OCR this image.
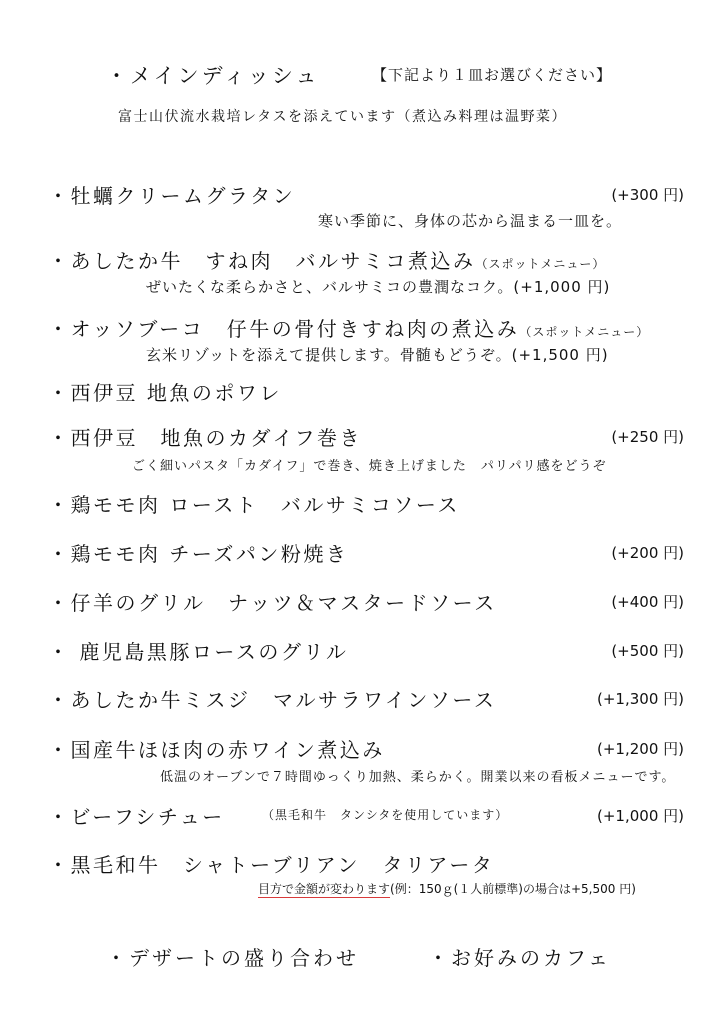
・メインディッシュ	【下記より１皿お選びください】
富士山伏流水栽培レタスを添えています（煮込み料理は温野菜）
・牡蠣クリームグラタン	(+300 円)
寒い季節に、身体の芯から温まる一皿を。
・あしたか牛　すね肉　バルサミコ煮込み（スポットメニュー）
ぜいたくな柔らかさと、バルサミコの豊潤なコク。(+1,000 円)
・オッソブーコ　仔牛の骨付きすね肉の煮込み（スポットメニュー）
玄米リゾットを添えて提供します。骨髄もどうぞ。(+1,500 円)
・西伊豆 地魚のポワレ
・西伊豆　地魚のカダイフ巻き	(+250 円)
ごく細いパスタ「カダイフ」で巻き、焼き上げました　パリパリ感をどうぞ
・鶏モモ肉 ロースト　バルサミコソース
・鶏モモ肉 チーズパン粉焼き	(+200 円)
・仔羊のグリル　ナッツ＆マスタードソース	(+400 円)
・ 鹿児島黒豚ロースのグリル	(+500 円)
・あしたか牛ミスジ　マルサラワインソース	(+1,300 円)
・国産牛ほほ肉の赤ワイン煮込み	(+1,200 円)
低温のオーブンで７時間ゆっくり加熱、柔らかく。開業以来の看板メニューです。
・ビーフシチュー	（黒毛和牛　タンシタを使用しています）	(+1,000 円)
・黒毛和牛　シャトーブリアン　タリアータ
目方で金額が変わります(例：150ｇ(１人前標準)の場合は+5,500 円)
・デザートの盛り合わせ	・お好みのカフェ
